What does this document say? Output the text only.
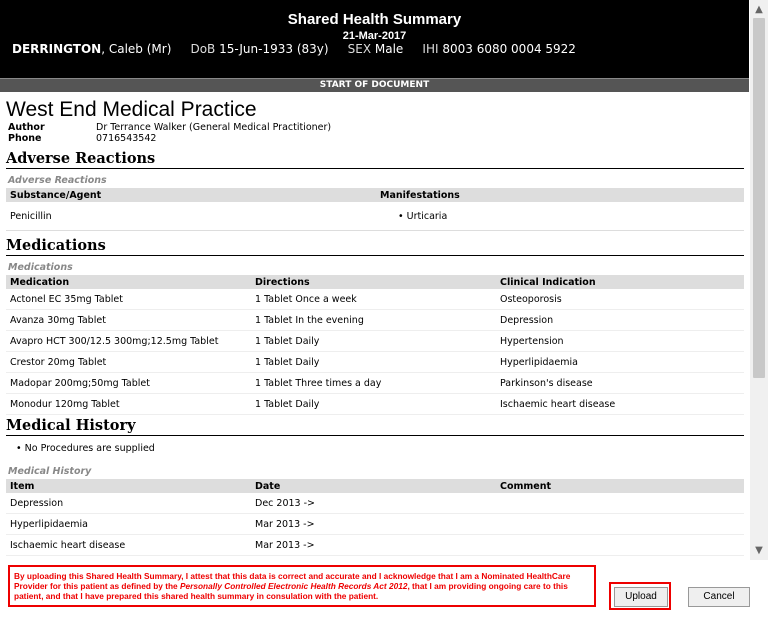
Shared Health Summary
21-Mar-2017
DERRINGTON, Caleb (Mr) DoB 15-Jun-1933 (83y) SEX Male IHI 8003 6080 0004 5922
START OF DOCUMENT
West End Medical Practice
Author	Dr Terrance Walker (General Medical Practitioner)
Phone	0716543542
Adverse Reactions
Adverse Reactions
Substance/Agent	Manifestations
Penicillin	• Urticaria
Medications
Medications
Medication	Directions	Clinical Indication
Actonel EC 35mg Tablet	1 Tablet Once a week	Osteoporosis
Avanza 30mg Tablet	1 Tablet In the evening	Depression
Avapro HCT 300/12.5 300mg;12.5mg Tablet	1 Tablet Daily	Hypertension
Crestor 20mg Tablet	1 Tablet Daily	Hyperlipidaemia
Madopar 200mg;50mg Tablet	1 Tablet Three times a day	Parkinson's disease
Monodur 120mg Tablet	1 Tablet Daily	Ischaemic heart disease
Medical History
• No Procedures are supplied
Medical History
Item	Date	Comment
Depression	Dec 2013 ->	
Hyperlipidaemia	Mar 2013 ->	
Ischaemic heart disease	Mar 2013 ->	
▲
▼
By uploading this Shared Health Summary, I attest that this data is correct and accurate and I acknowledge that I am a Nominated HealthCare Provider for this patient as defined by the Personally Controlled Electronic Health Records Act 2012, that I am providing ongoing care to this patient, and that I have prepared this shared health summary in consulation with the patient.	Upload	Cancel
